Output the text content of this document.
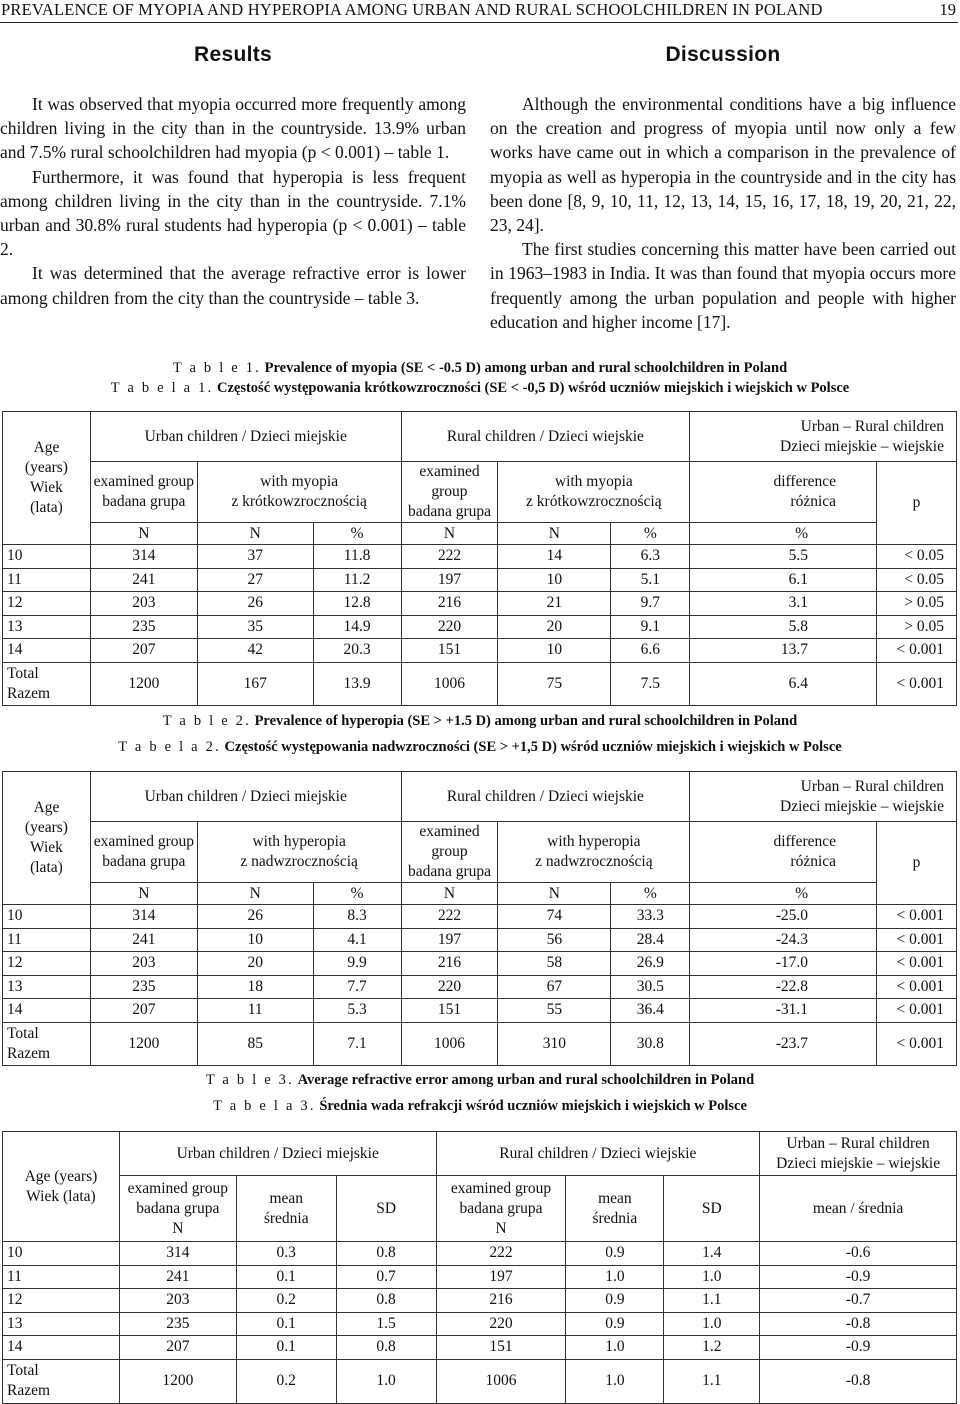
PREVALENCE OF MYOPIA AND HYPEROPIA AMONG URBAN AND RURAL SCHOOLCHILDREN IN POLAND	19
Results

It was observed that myopia occurred more frequently among children living in the city than in the countryside. 13.9% urban and 7.5% rural schoolchildren had myopia (p < 0.001) – table 1.

Furthermore, it was found that hyperopia is less frequent among children living in the city than in the countryside. 7.1% urban and 30.8% rural students had hyperopia (p < 0.001) – table 2.

It was determined that the average refractive error is lower among children from the city than the countryside – table 3.

Discussion

Although the environmental conditions have a big influence on the creation and progress of myopia until now only a few works have came out in which a comparison in the prevalence of myopia as well as hyperopia in the countryside and in the city has been done [8, 9, 10, 11, 12, 13, 14, 15, 16, 17, 18, 19, 20, 21, 22, 23, 24].

The first studies concerning this matter have been carried out in 1963–1983 in India. It was than found that myopia occurs more frequently among the urban population and people with higher education and higher income [17].

T a b l e 1. Prevalence of myopia (SE < -0.5 D) among urban and rural schoolchildren in Poland
T a b e l a 1. Częstość występowania krótkowzroczności (SE < -0,5 D) wśród uczniów miejskich i wiejskich w Polsce
Age
(years)
Wiek
(lata)	Urban children / Dzieci miejskie			Rural children / Dzieci wiejskie			Urban – Rural children
Dzieci miejskie – wiejskie	
	examined group
badana grupa	with myopia
z krótkowzrocznością		examined group
badana grupa	with myopia
z krótkowzrocznością		difference
różnica	p
	N	N	%	N	N	%	%	
10	314	37	11.8	222	14	6.3	5.5	< 0.05
11	241	27	11.2	197	10	5.1	6.1	< 0.05
12	203	26	12.8	216	21	9.7	3.1	> 0.05
13	235	35	14.9	220	20	9.1	5.8	> 0.05
14	207	42	20.3	151	10	6.6	13.7	< 0.001
Total
Razem	1200	167	13.9	1006	75	7.5	6.4	< 0.001
T a b l e 2. Prevalence of hyperopia (SE > +1.5 D) among urban and rural schoolchildren in Poland
T a b e l a 2. Częstość występowania nadwzroczności (SE > +1,5 D) wśród uczniów miejskich i wiejskich w Polsce
Age
(years)
Wiek
(lata)	Urban children / Dzieci miejskie			Rural children / Dzieci wiejskie			Urban – Rural children
Dzieci miejskie – wiejskie	
	examined group
badana grupa	with hyperopia
z nadwzrocznością		examined group
badana grupa	with hyperopia
z nadwzrocznością		difference
różnica	p
	N	N	%	N	N	%	%	
10	314	26	8.3	222	74	33.3	-25.0	< 0.001
11	241	10	4.1	197	56	28.4	-24.3	< 0.001
12	203	20	9.9	216	58	26.9	-17.0	< 0.001
13	235	18	7.7	220	67	30.5	-22.8	< 0.001
14	207	11	5.3	151	55	36.4	-31.1	< 0.001
Total
Razem	1200	85	7.1	1006	310	30.8	-23.7	< 0.001
T a b l e 3. Average refractive error among urban and rural schoolchildren in Poland
T a b e l a 3. Średnia wada refrakcji wśród uczniów miejskich i wiejskich w Polsce
Age (years)
Wiek (lata)	Urban children / Dzieci miejskie			Rural children / Dzieci wiejskie			Urban – Rural children
Dzieci miejskie – wiejskie
	examined group
badana grupa
N	mean
średnia	SD	examined group
badana grupa
N	mean
średnia	SD	mean / średnia
10	314	0.3	0.8	222	0.9	1.4	-0.6
11	241	0.1	0.7	197	1.0	1.0	-0.9
12	203	0.2	0.8	216	0.9	1.1	-0.7
13	235	0.1	1.5	220	0.9	1.0	-0.8
14	207	0.1	0.8	151	1.0	1.2	-0.9
Total
Razem	1200	0.2	1.0	1006	1.0	1.1	-0.8
